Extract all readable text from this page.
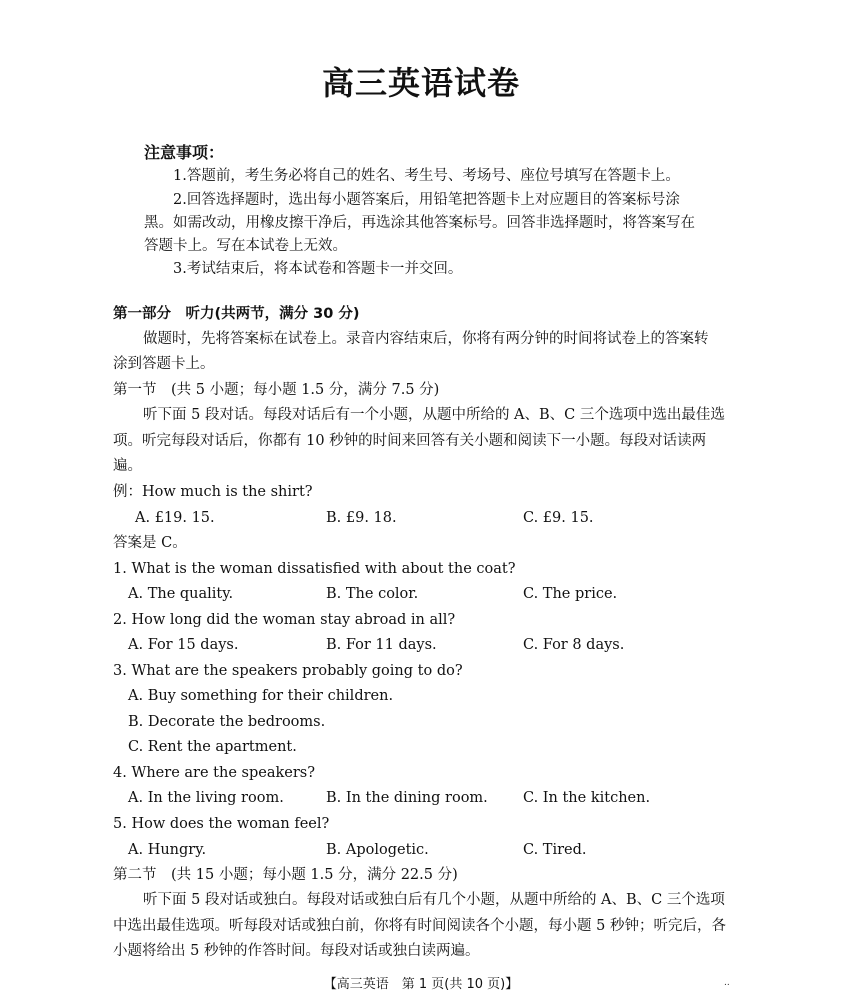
高三英语试卷
注意事项：
1.答题前，考生务必将自己的姓名、考生号、考场号、座位号填写在答题卡上。
2.回答选择题时，选出每小题答案后，用铅笔把答题卡上对应题目的答案标号涂
黑。如需改动，用橡皮擦干净后，再选涂其他答案标号。回答非选择题时，将答案写在
答题卡上。写在本试卷上无效。
3.考试结束后，将本试卷和答题卡一并交回。
第一部分　听力(共两节，满分 30 分)
做题时，先将答案标在试卷上。录音内容结束后，你将有两分钟的时间将试卷上的答案转
涂到答题卡上。
第一节　(共 5 小题；每小题 1.5 分，满分 7.5 分)
听下面 5 段对话。每段对话后有一个小题，从题中所给的 A、B、C 三个选项中选出最佳选
项。听完每段对话后，你都有 10 秒钟的时间来回答有关小题和阅读下一小题。每段对话读两
遍。
例：How much is the shirt?
A. £19. 15.	B. £9. 18.	C. £9. 15.
答案是 C。
1. What is the woman dissatisfied with about the coat?
A. The quality.	B. The color.	C. The price.
2. How long did the woman stay abroad in all?
A. For 15 days.	B. For 11 days.	C. For 8 days.
3. What are the speakers probably going to do?
A. Buy something for their children.
B. Decorate the bedrooms.
C. Rent the apartment.
4. Where are the speakers?
A. In the living room.	B. In the dining room. C. In the kitchen.
5. How does the woman feel?
A. Hungry.	B. Apologetic.	C. Tired.
第二节　(共 15 小题；每小题 1.5 分，满分 22.5 分)
听下面 5 段对话或独白。每段对话或独白后有几个小题，从题中所给的 A、B、C 三个选项
中选出最佳选项。听每段对话或独白前，你将有时间阅读各个小题，每小题 5 秒钟；听完后，各
小题将给出 5 秒钟的作答时间。每段对话或独白读两遍。
【高三英语　第 1 页(共 10 页)】	..
